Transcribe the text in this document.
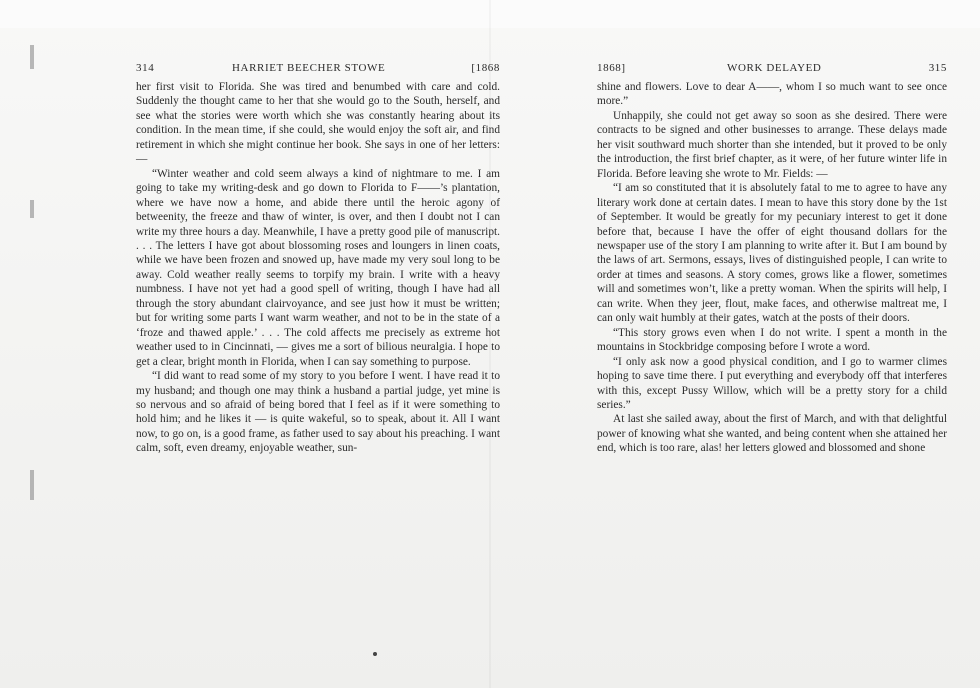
314	HARRIET BEECHER STOWE	[1868

her first visit to Florida. She was tired and benumbed with care and cold. Suddenly the thought came to her that she would go to the South, herself, and see what the stories were worth which she was constantly hearing about its condition. In the mean time, if she could, she would enjoy the soft air, and find retirement in which she might continue her book. She says in one of her letters: —

“Winter weather and cold seem always a kind of nightmare to me. I am going to take my writing-desk and go down to Florida to F——’s plantation, where we have now a home, and abide there until the heroic agony of betweenity, the freeze and thaw of winter, is over, and then I doubt not I can write my three hours a day. Meanwhile, I have a pretty good pile of manuscript. . . . The letters I have got about blossoming roses and loungers in linen coats, while we have been frozen and snowed up, have made my very soul long to be away. Cold weather really seems to torpify my brain. I write with a heavy numbness. I have not yet had a good spell of writing, though I have had all through the story abundant clairvoyance, and see just how it must be written; but for writing some parts I want warm weather, and not to be in the state of a ‘froze and thawed apple.’ . . . The cold affects me precisely as extreme hot weather used to in Cincinnati, — gives me a sort of bilious neuralgia. I hope to get a clear, bright month in Florida, when I can say something to purpose.

“I did want to read some of my story to you before I went. I have read it to my husband; and though one may think a husband a partial judge, yet mine is so nervous and so afraid of being bored that I feel as if it were something to hold him; and he likes it — is quite wakeful, so to speak, about it. All I want now, to go on, is a good frame, as father used to say about his preaching. I want calm, soft, even dreamy, enjoyable weather, sun-

1868]	WORK DELAYED	315

shine and flowers. Love to dear A——, whom I so much want to see once more.”

Unhappily, she could not get away so soon as she desired. There were contracts to be signed and other businesses to arrange. These delays made her visit southward much shorter than she intended, but it proved to be only the introduction, the first brief chapter, as it were, of her future winter life in Florida. Before leaving she wrote to Mr. Fields: —

“I am so constituted that it is absolutely fatal to me to agree to have any literary work done at certain dates. I mean to have this story done by the 1st of September. It would be greatly for my pecuniary interest to get it done before that, because I have the offer of eight thousand dollars for the newspaper use of the story I am planning to write after it. But I am bound by the laws of art. Sermons, essays, lives of distinguished people, I can write to order at times and seasons. A story comes, grows like a flower, sometimes will and sometimes won’t, like a pretty woman. When the spirits will help, I can write. When they jeer, flout, make faces, and otherwise maltreat me, I can only wait humbly at their gates, watch at the posts of their doors.

“This story grows even when I do not write. I spent a month in the mountains in Stockbridge composing before I wrote a word.

“I only ask now a good physical condition, and I go to warmer climes hoping to save time there. I put everything and everybody off that interferes with this, except Pussy Willow, which will be a pretty story for a child series.”

At last she sailed away, about the first of March, and with that delightful power of knowing what she wanted, and being content when she attained her end, which is too rare, alas! her letters glowed and blossomed and shone
